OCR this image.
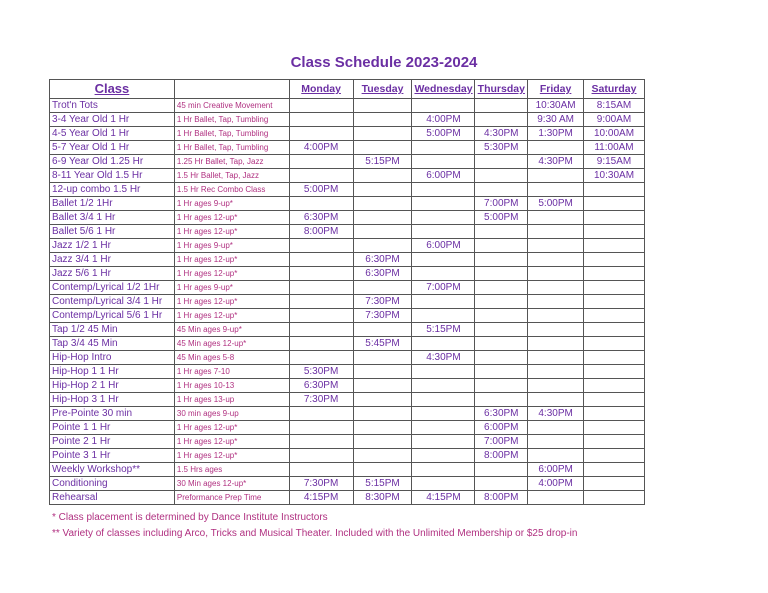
Class Schedule 2023-2024
Class		Monday	Tuesday	Wednesday	Thursday	Friday	Saturday
Trot'n Tots	45 min Creative Movement					10:30AM	8:15AM
3-4 Year Old 1 Hr	1 Hr Ballet, Tap, Tumbling			4:00PM		9:30 AM	9:00AM
4-5 Year Old 1 Hr	1 Hr Ballet, Tap, Tumbling			5:00PM	4:30PM	1:30PM	10:00AM
5-7 Year Old 1 Hr	1 Hr Ballet, Tap, Tumbling	4:00PM			5:30PM		11:00AM
6-9 Year Old 1.25 Hr	1.25 Hr Ballet, Tap, Jazz		5:15PM			4:30PM	9:15AM
8-11 Year Old 1.5 Hr	1.5 Hr Ballet, Tap, Jazz			6:00PM			10:30AM
12-up combo 1.5 Hr	1.5 Hr Rec Combo Class	5:00PM					
Ballet 1/2 1Hr	1 Hr ages 9-up*				7:00PM	5:00PM	
Ballet 3/4 1 Hr	1 Hr ages 12-up*	6:30PM			5:00PM		
Ballet 5/6 1 Hr	1 Hr ages 12-up*	8:00PM					
Jazz 1/2 1 Hr	1 Hr ages 9-up*			6:00PM			
Jazz 3/4 1 Hr	1 Hr ages 12-up*		6:30PM				
Jazz 5/6 1 Hr	1 Hr ages 12-up*		6:30PM				
Contemp/Lyrical 1/2 1Hr	1 Hr ages 9-up*			7:00PM			
Contemp/Lyrical 3/4 1 Hr	1 Hr ages 12-up*		7:30PM				
Contemp/Lyrical 5/6 1 Hr	1 Hr ages 12-up*		7:30PM				
Tap 1/2 45 Min	45 Min ages 9-up*			5:15PM			
Tap 3/4 45 Min	45 Min ages 12-up*		5:45PM				
Hip-Hop Intro	45 Min ages 5-8			4:30PM			
Hip-Hop 1 1 Hr	1 Hr ages 7-10	5:30PM					
Hip-Hop 2 1 Hr	1 Hr ages 10-13	6:30PM					
Hip-Hop 3 1 Hr	1 Hr ages 13-up	7:30PM					
Pre-Pointe 30 min	30 min ages 9-up				6:30PM	4:30PM	
Pointe 1 1 Hr	1 Hr ages 12-up*				6:00PM		
Pointe 2 1 Hr	1 Hr ages 12-up*				7:00PM		
Pointe 3 1 Hr	1 Hr ages 12-up*				8:00PM		
Weekly Workshop**	1.5 Hrs ages					6:00PM	
Conditioning	30 Min ages 12-up*	7:30PM	5:15PM			4:00PM	
Rehearsal	Preformance Prep Time	4:15PM	8:30PM	4:15PM	8:00PM		
* Class placement is determined by Dance Institute Instructors
** Variety of classes including Arco, Tricks and Musical Theater. Included with the Unlimited Membership or $25 drop-in
